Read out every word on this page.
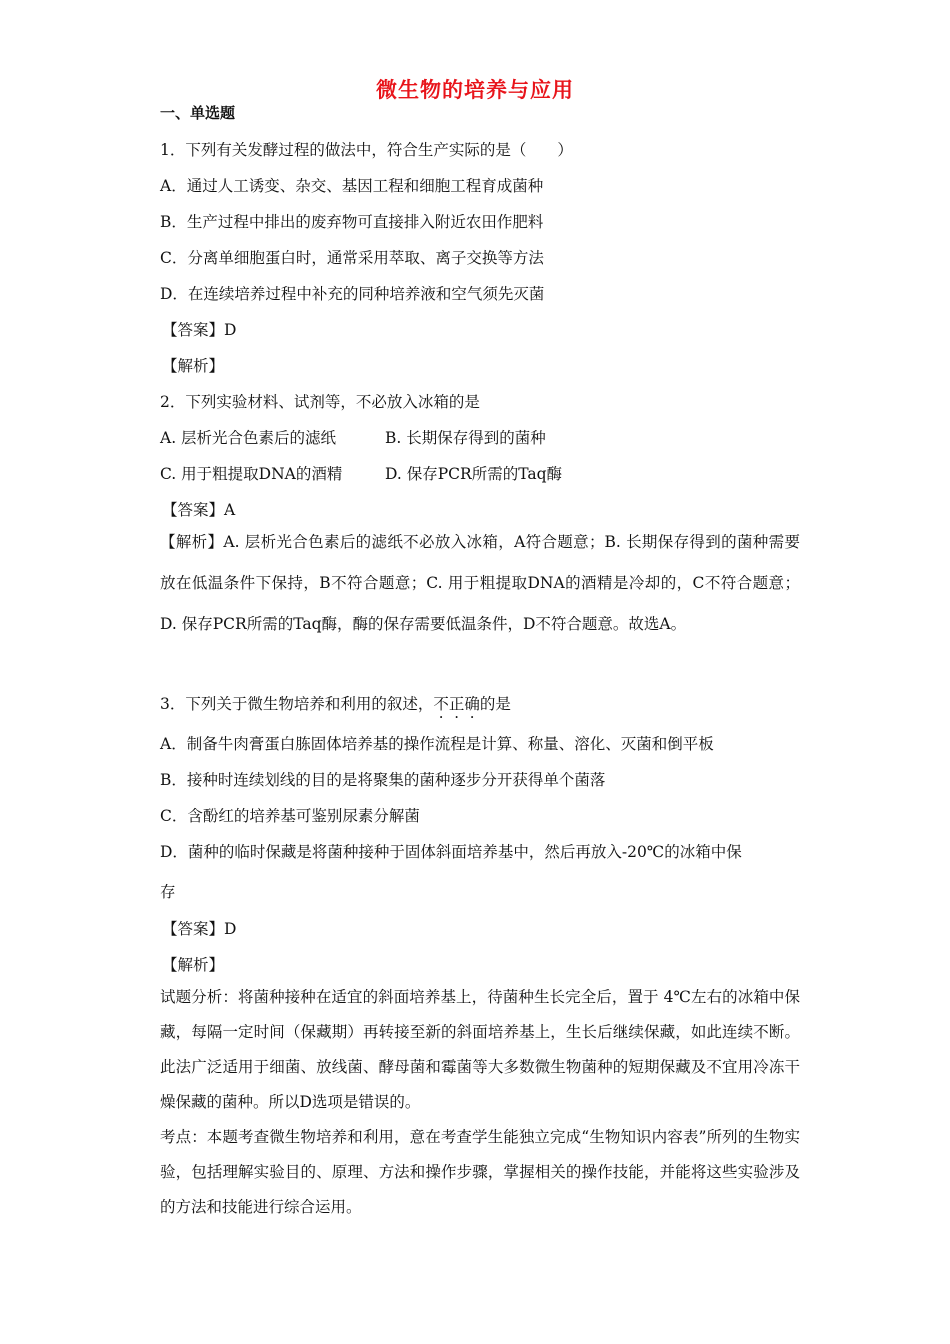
微生物的培养与应用
一、单选题
1．下列有关发酵过程的做法中，符合生产实际的是（　　）
A．通过人工诱变、杂交、基因工程和细胞工程育成菌种
B．生产过程中排出的废弃物可直接排入附近农田作肥料
C．分离单细胞蛋白时，通常采用萃取、离子交换等方法
D．在连续培养过程中补充的同种培养液和空气须先灭菌
【答案】D
【解析】
2．下列实验材料、试剂等，不必放入冰箱的是
A. 层析光合色素后的滤纸	B. 长期保存得到的菌种
C. 用于粗提取DNA的酒精	D. 保存PCR所需的Taq酶
【答案】A
【解析】A. 层析光合色素后的滤纸不必放入冰箱，A符合题意；B. 长期保存得到的菌种需要放在低温条件下保持，B不符合题意；C. 用于粗提取DNA的酒精是冷却的，C不符合题意；D. 保存PCR所需的Taq酶，酶的保存需要低温条件，D不符合题意。故选A。
3．下列关于微生物培养和利用的叙述，不正确的是
A．制备牛肉膏蛋白胨固体培养基的操作流程是计算、称量、溶化、灭菌和倒平板
B．接种时连续划线的目的是将聚集的菌种逐步分开获得单个菌落
C．含酚红的培养基可鉴别尿素分解菌
D．菌种的临时保藏是将菌种接种于固体斜面培养基中，然后再放入-20℃的冰箱中保
存
【答案】D
【解析】
试题分析：将菌种接种在适宜的斜面培养基上，待菌种生长完全后，置于 4℃左右的冰箱中保藏，每隔一定时间（保藏期）再转接至新的斜面培养基上，生长后继续保藏，如此连续不断。此法广泛适用于细菌、放线菌、酵母菌和霉菌等大多数微生物菌种的短期保藏及不宜用冷冻干燥保藏的菌种。所以D选项是错误的。
考点：本题考查微生物培养和利用，意在考查学生能独立完成“生物知识内容表”所列的生物实验，包括理解实验目的、原理、方法和操作步骤，掌握相关的操作技能，并能将这些实验涉及的方法和技能进行综合运用。
